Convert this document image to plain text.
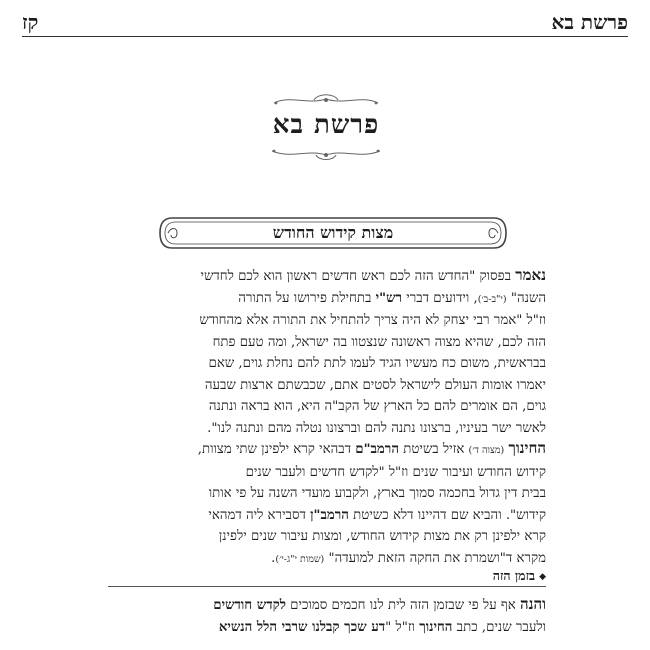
קז	פרשת בא
פרשת בא
מצות קידוש החודש
נאמר בפסוק "החדש הזה לכם ראש חדשים ראשון הוא לכם לחדשי
השנה" (י"ב-ב׳), וידועים דברי רש"י בתחילת פירושו על התורה
וז"ל "אמר רבי יצחק לא היה צריך להתחיל את התורה אלא מהחודש
הזה לכם, שהיא מצוה ראשונה שנצטוו בה ישראל, ומה טעם פתח
בבראשית, משום כח מעשיו הגיד לעמו לתת להם נחלת גוים, שאם
יאמרו אומות העולם לישראל לסטים אתם, שכבשתם ארצות שבעה
גוים, הם אומרים להם כל הארץ של הקב"ה היא, הוא בראה ונתנה
לאשר ישר בעיניו, ברצונו נתנה להם וברצונו נטלה מהם ונתנה לנו".
החינוך (מצוה ד׳) אזיל בשיטת הרמב"ם דבהאי קרא ילפינן שתי מצוות,
קידוש החודש ועיבור שנים וז"ל "לקדש חדשים ולעבר שנים
בבית דין גדול בחכמה סמוך בארץ, ולקבוע מועדי השנה על פי אותו
קידוש". והביא שם דהיינו דלא כשיטת הרמב"ן דסבירא ליה דמהאי
קרא ילפינן רק את מצות קידוש החודש, ומצות עיבור שנים ילפינן
מקרא ד"ושמרת את החקה הזאת למועדה" (שמות י"ג-י׳).
◆בזמן הזה
והנה אף על פי שבזמן הזה לית לנו חכמים סמוכים לקדש חודשים
ולעבר שנים, כתב החינוך וז"ל "דע שכך קבלנו שרבי הלל הנשיא
